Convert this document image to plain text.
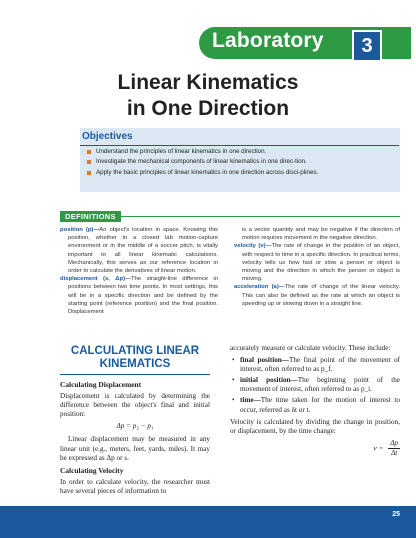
Laboratory	3
Linear Kinematics
in One Direction
Objectives
Understand the principles of linear kinematics in one direction.
Investigate the mechanical components of linear kinematics in one direc-tion.
Apply the basic principles of linear kinematics in one direction across disci-plines.
DEFINITIONS

position (p)—An object's location in space. Knowing this position, whether in a closed lab motion-capture environment or in the middle of a soccer pitch, is vitally important to all linear kinematic calculations. Mechanically, this serves as our reference location in order to calculate the derivatives of linear motion.

displacement (s, Δp)—The straight-line difference in positions between two time points. In most settings, this will be in a specific direction and be defined by the starting point (reference position) and the final position. Displacement

is a vector quantity and may be negative if the direction of motion requires movement in the negative direction.

velocity (v)—The rate of change in the position of an object, with respect to time in a specific direction. In practical terms, velocity tells us how fast or slow a person or object is moving and the direction in which the person or object is moving.

acceleration (a)—The rate of change of the linear velocity. This can also be defined as the rate at which an object is speeding up or slowing down in a straight line.

CALCULATING LINEAR KINEMATICS
Calculating Displacement

Displacement is calculated by determining the difference between the object's final and initial position:

Δp = p₂ − p₁

Linear displacement may be measured in any linear unit (e.g., meters, feet, yards, miles). It may be expressed as Δp or s.

Calculating Velocity

In order to calculate velocity, the researcher must have several pieces of information to

accurately measure or calculate velocity. These include:

• final position—The final point of the movement of interest, often referred to as p_f.
• initial position—The beginning point of the movement of interest, often referred to as p_i.
• time—The time taken for the motion of interest to occur, referred as δt or t.

Velocity is calculated by dividing the change in position, or displacement, by the time change:

$v = \frac{\Delta p}{\Delta t}$
25
